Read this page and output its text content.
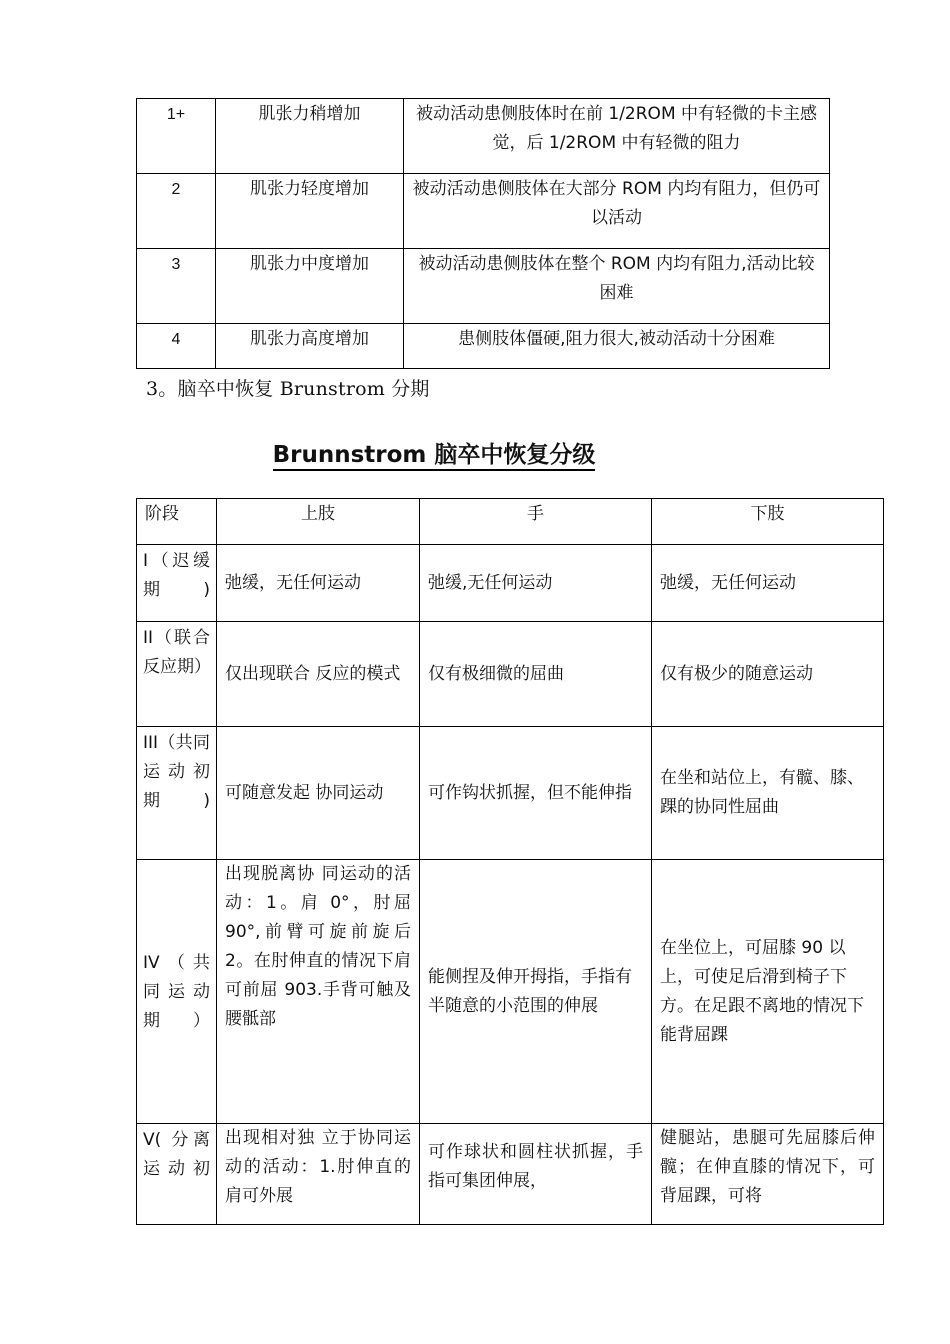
1+	肌张力稍增加	被动活动患侧肢体时在前 1/2ROM 中有轻微的卡主感觉，后 1/2ROM 中有轻微的阻力
2	肌张力轻度增加	被动活动患侧肢体在大部分 ROM 内均有阻力，但仍可以活动
3	肌张力中度增加	被动活动患侧肢体在整个 ROM 内均有阻力,活动比较困难
4	肌张力高度增加	患侧肢体僵硬,阻力很大,被动活动十分困难
3。脑卒中恢复 Brunstrom 分期
Brunnstrom 脑卒中恢复分级
阶段	上肢	手	下肢
I（迟缓期)	弛缓，无任何运动	弛缓,无任何运动	弛缓，无任何运动
II（联合反应期）	仅出现联合 反应的模式	仅有极细微的屈曲	仅有极少的随意运动
III（共同运动初期)	可随意发起 协同运动	可作钩状抓握，但不能伸指	在坐和站位上，有髋、膝、踝的协同性屈曲
IV（共同运动期）	出现脱离协 同运动的活动：1。肩 0°，肘屈 90°,前臂可旋前旋后 2。在肘伸直的情况下肩可前屈 903.手背可触及腰骶部	能侧捏及伸开拇指，手指有半随意的小范围的伸展	在坐位上，可屈膝 90 以上，可使足后滑到椅子下方。在足跟不离地的情况下能背屈踝
V( 分离运动初	出现相对独 立于协同运动的活动：1.肘伸直的肩可外展	可作球状和圆柱状抓握，手指可集团伸展，	健腿站，患腿可先屈膝后伸髋；在伸直膝的情况下，可背屈踝，可将
